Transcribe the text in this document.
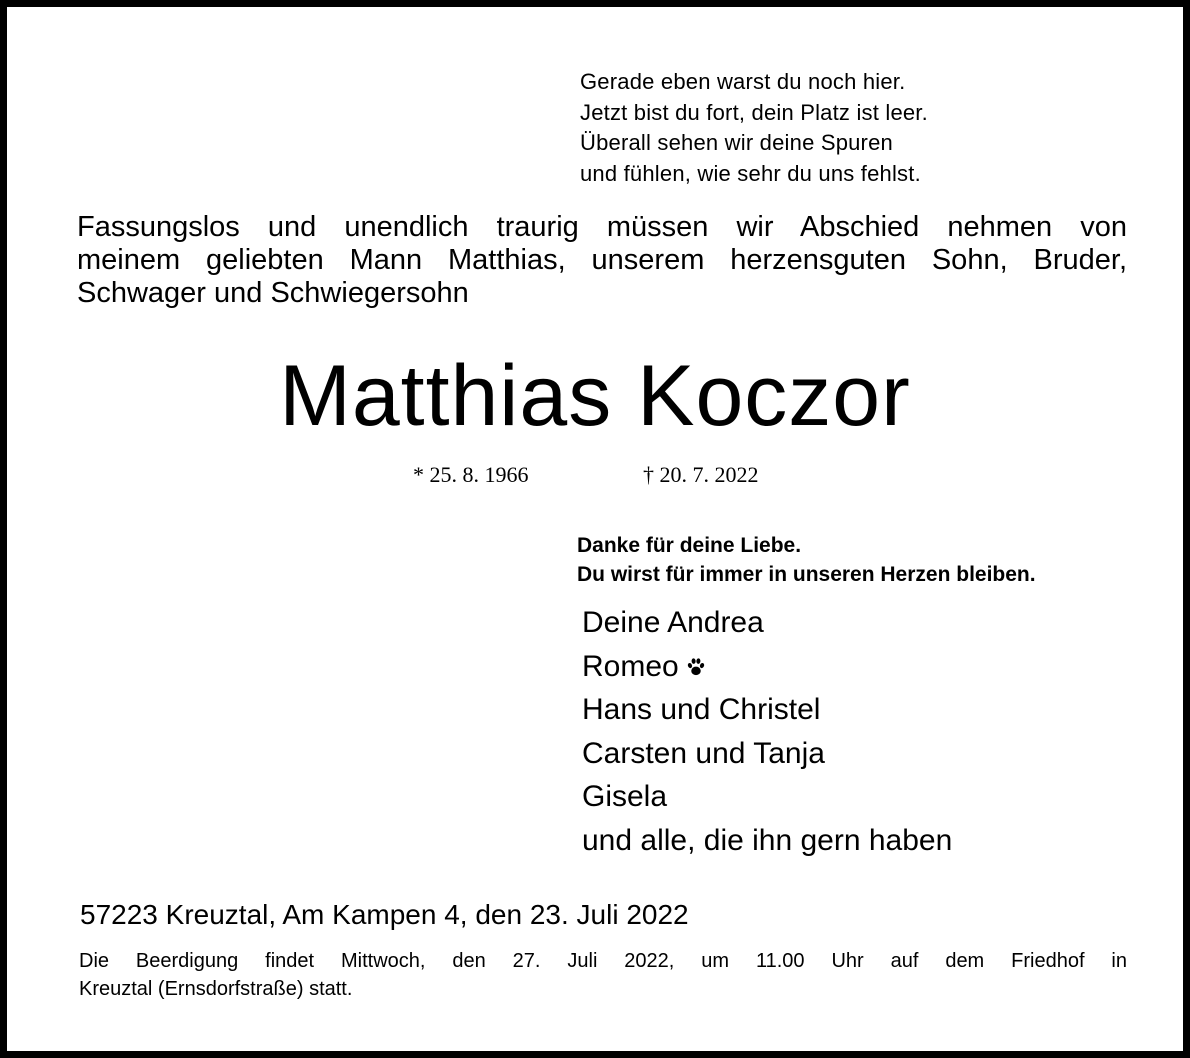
Gerade eben warst du noch hier.
Jetzt bist du fort, dein Platz ist leer.
Überall sehen wir deine Spuren
und fühlen, wie sehr du uns fehlst.
Fassungslos und unendlich traurig müssen wir Abschied nehmen von
meinem geliebten Mann Matthias, unserem herzensguten Sohn, Bruder,
Schwager und Schwiegersohn
Matthias Koczor
* 25. 8. 1966	† 20. 7. 2022
Danke für deine Liebe.
Du wirst für immer in unseren Herzen bleiben.
Deine Andrea
Romeo
Hans und Christel
Carsten und Tanja
Gisela
und alle, die ihn gern haben
57223 Kreuztal, Am Kampen 4, den 23. Juli 2022
Die Beerdigung findet Mittwoch, den 27. Juli 2022, um 11.00 Uhr auf dem Friedhof in
Kreuztal (Ernsdorfstraße) statt.
